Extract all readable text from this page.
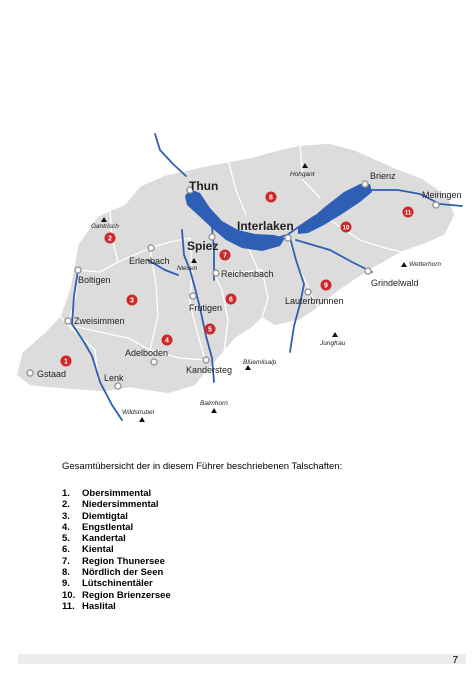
1
2
3
4
5
6
7
8
9
10
11
Thun
Interlaken
Spiez
Brienz
Meiringen
Erlenbach
Boltigen
Reichenbach
Frutigen
Lauterbrunnen
Grindelwald
Zweisimmen
Adelboden
Kandersteg
Gstaad	Lenk
Hohgant
Gantrisch
Niesen
Wetterhorn
Jungfrau
Blüemlisalp
Balmhorn
Wildstrubel
Gesamtübersicht der in diesem Führer beschriebenen Talschaften:
1.	Obersimmental
2.	Niedersimmental
3.	Diemtigtal
4.	Engstlental
5.	Kandertal
6.	Kiental
7.	Region Thunersee
8.	Nördlich der Seen
9.	Lütschinentäler
10. Region Brienzersee
11. Haslital
7
